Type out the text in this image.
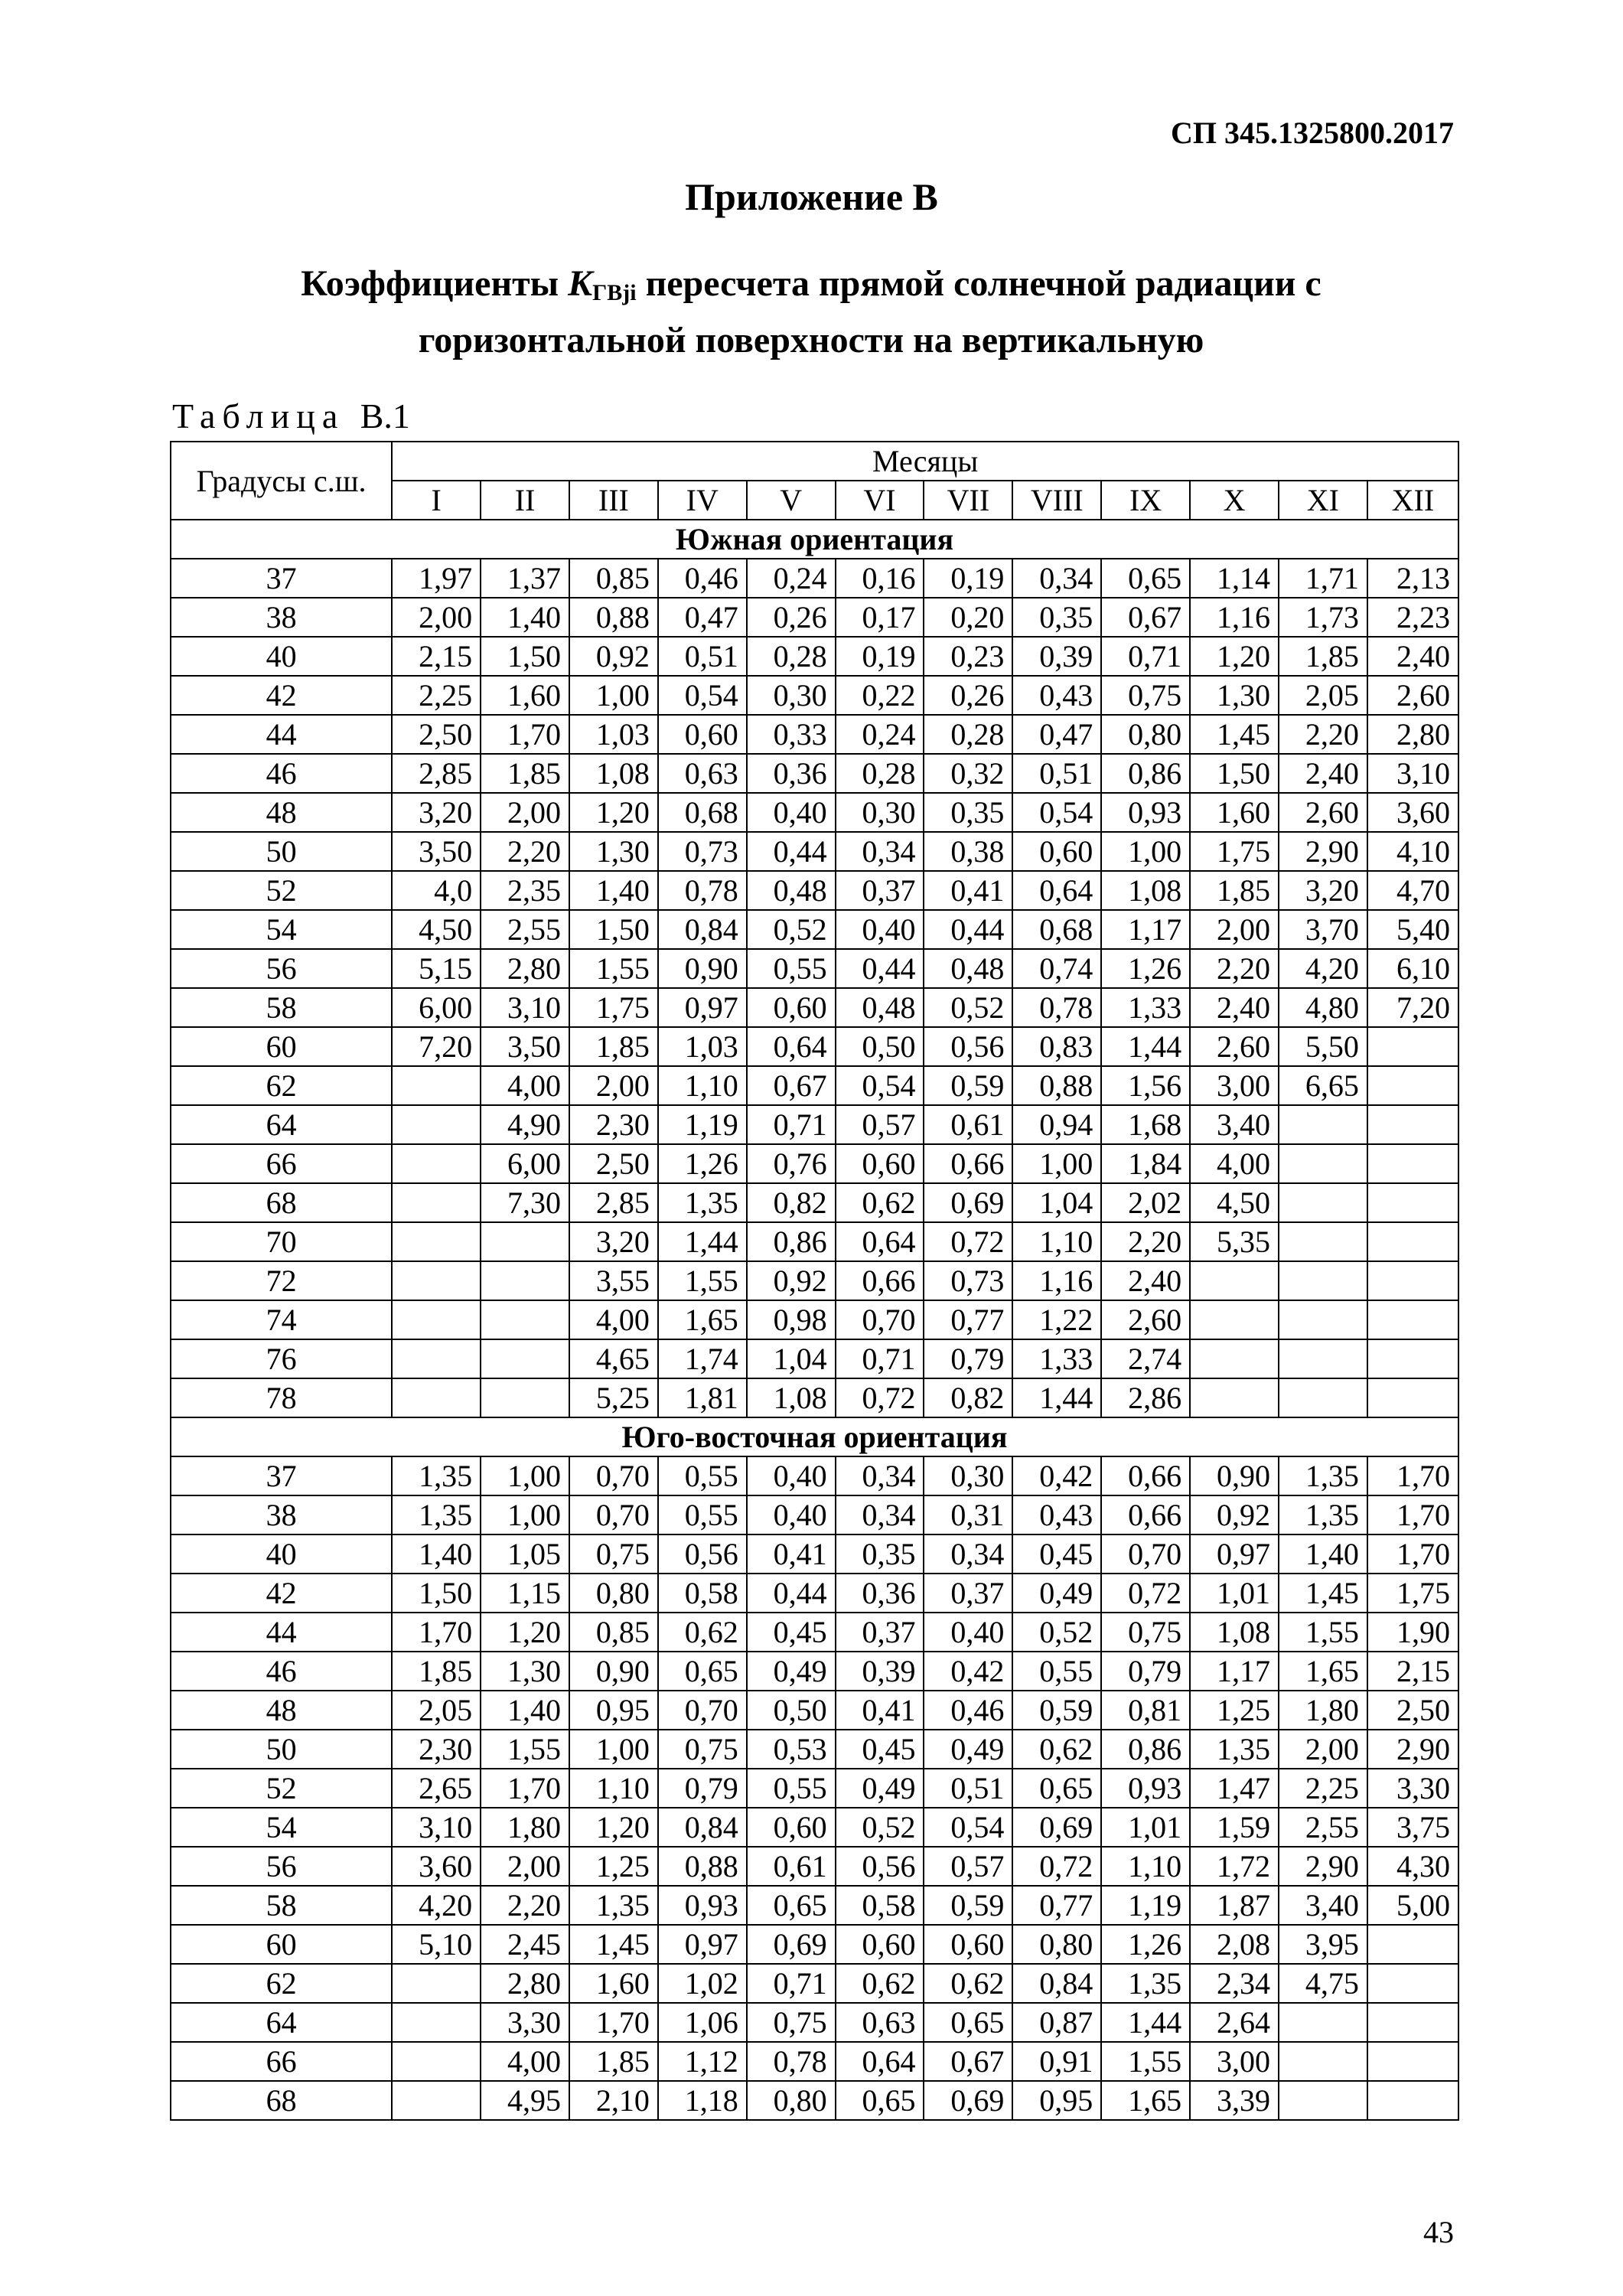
СП 345.1325800.2017
Приложение В
Коэффициенты $K_{ГВji}$ пересчета прямой солнечной радиации с
горизонтальной поверхности на вертикальную
Таблица В.1
Градусы с.ш.	Месяцы											
	I	II	III	IV	V	VI	VII	VIII	IX	X	XI	XII
Южная ориентация												
37	1,97	1,37	0,85	0,46	0,24	0,16	0,19	0,34	0,65	1,14	1,71	2,13
38	2,00	1,40	0,88	0,47	0,26	0,17	0,20	0,35	0,67	1,16	1,73	2,23
40	2,15	1,50	0,92	0,51	0,28	0,19	0,23	0,39	0,71	1,20	1,85	2,40
42	2,25	1,60	1,00	0,54	0,30	0,22	0,26	0,43	0,75	1,30	2,05	2,60
44	2,50	1,70	1,03	0,60	0,33	0,24	0,28	0,47	0,80	1,45	2,20	2,80
46	2,85	1,85	1,08	0,63	0,36	0,28	0,32	0,51	0,86	1,50	2,40	3,10
48	3,20	2,00	1,20	0,68	0,40	0,30	0,35	0,54	0,93	1,60	2,60	3,60
50	3,50	2,20	1,30	0,73	0,44	0,34	0,38	0,60	1,00	1,75	2,90	4,10
52	4,0	2,35	1,40	0,78	0,48	0,37	0,41	0,64	1,08	1,85	3,20	4,70
54	4,50	2,55	1,50	0,84	0,52	0,40	0,44	0,68	1,17	2,00	3,70	5,40
56	5,15	2,80	1,55	0,90	0,55	0,44	0,48	0,74	1,26	2,20	4,20	6,10
58	6,00	3,10	1,75	0,97	0,60	0,48	0,52	0,78	1,33	2,40	4,80	7,20
60	7,20	3,50	1,85	1,03	0,64	0,50	0,56	0,83	1,44	2,60	5,50	
62		4,00	2,00	1,10	0,67	0,54	0,59	0,88	1,56	3,00	6,65	
64		4,90	2,30	1,19	0,71	0,57	0,61	0,94	1,68	3,40		
66		6,00	2,50	1,26	0,76	0,60	0,66	1,00	1,84	4,00		
68		7,30	2,85	1,35	0,82	0,62	0,69	1,04	2,02	4,50		
70			3,20	1,44	0,86	0,64	0,72	1,10	2,20	5,35		
72			3,55	1,55	0,92	0,66	0,73	1,16	2,40			
74			4,00	1,65	0,98	0,70	0,77	1,22	2,60			
76			4,65	1,74	1,04	0,71	0,79	1,33	2,74			
78			5,25	1,81	1,08	0,72	0,82	1,44	2,86			
Юго-восточная ориентация												
37	1,35	1,00	0,70	0,55	0,40	0,34	0,30	0,42	0,66	0,90	1,35	1,70
38	1,35	1,00	0,70	0,55	0,40	0,34	0,31	0,43	0,66	0,92	1,35	1,70
40	1,40	1,05	0,75	0,56	0,41	0,35	0,34	0,45	0,70	0,97	1,40	1,70
42	1,50	1,15	0,80	0,58	0,44	0,36	0,37	0,49	0,72	1,01	1,45	1,75
44	1,70	1,20	0,85	0,62	0,45	0,37	0,40	0,52	0,75	1,08	1,55	1,90
46	1,85	1,30	0,90	0,65	0,49	0,39	0,42	0,55	0,79	1,17	1,65	2,15
48	2,05	1,40	0,95	0,70	0,50	0,41	0,46	0,59	0,81	1,25	1,80	2,50
50	2,30	1,55	1,00	0,75	0,53	0,45	0,49	0,62	0,86	1,35	2,00	2,90
52	2,65	1,70	1,10	0,79	0,55	0,49	0,51	0,65	0,93	1,47	2,25	3,30
54	3,10	1,80	1,20	0,84	0,60	0,52	0,54	0,69	1,01	1,59	2,55	3,75
56	3,60	2,00	1,25	0,88	0,61	0,56	0,57	0,72	1,10	1,72	2,90	4,30
58	4,20	2,20	1,35	0,93	0,65	0,58	0,59	0,77	1,19	1,87	3,40	5,00
60	5,10	2,45	1,45	0,97	0,69	0,60	0,60	0,80	1,26	2,08	3,95	
62		2,80	1,60	1,02	0,71	0,62	0,62	0,84	1,35	2,34	4,75	
64		3,30	1,70	1,06	0,75	0,63	0,65	0,87	1,44	2,64		
66		4,00	1,85	1,12	0,78	0,64	0,67	0,91	1,55	3,00		
68		4,95	2,10	1,18	0,80	0,65	0,69	0,95	1,65	3,39		
43
